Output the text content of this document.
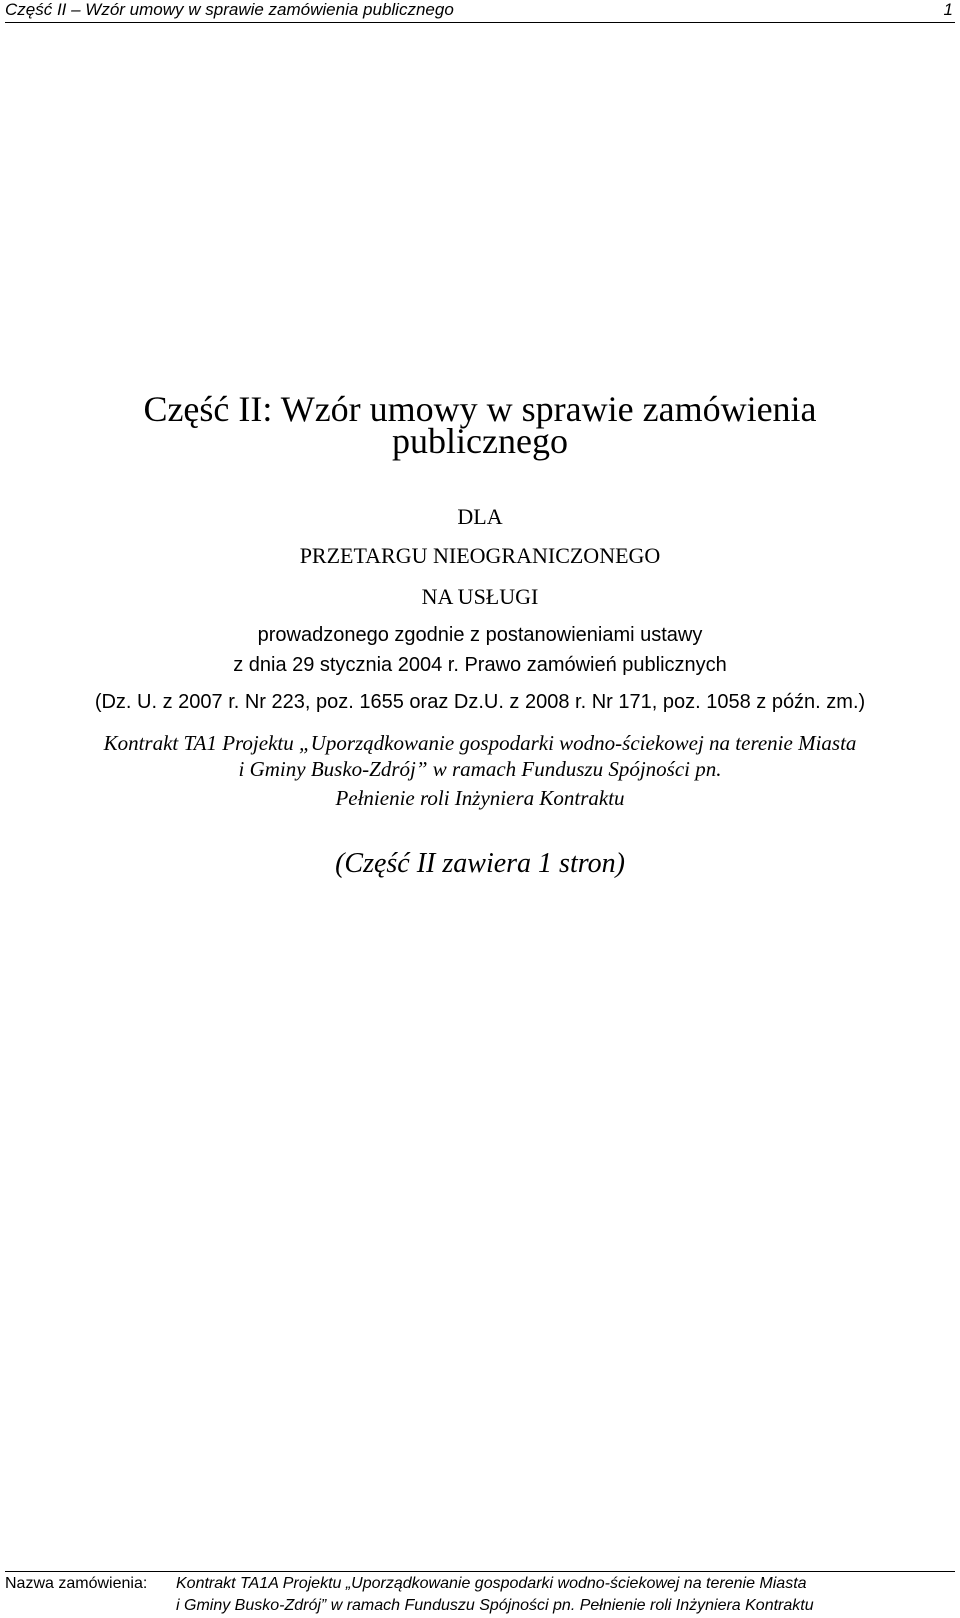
Część II – Wzór umowy w sprawie zamówienia publicznego	1
Część II: Wzór umowy w sprawie zamówienia
publicznego
DLA
PRZETARGU NIEOGRANICZONEGO
NA USŁUGI
prowadzonego zgodnie z postanowieniami ustawy
z dnia 29 stycznia 2004 r. Prawo zamówień publicznych
(Dz. U. z 2007 r. Nr 223, poz. 1655 oraz Dz.U. z 2008 r. Nr 171, poz. 1058 z późn. zm.)
Kontrakt TA1 Projektu „Uporządkowanie gospodarki wodno-ściekowej na terenie Miasta
i Gminy Busko-Zdrój” w ramach Funduszu Spójności pn.
Pełnienie roli Inżyniera Kontraktu
(Część II zawiera 1 stron)
Nazwa zamówienia: Kontrakt TA1A Projektu „Uporządkowanie gospodarki wodno-ściekowej na terenie Miasta
i Gminy Busko-Zdrój” w ramach Funduszu Spójności pn. Pełnienie roli Inżyniera Kontraktu
